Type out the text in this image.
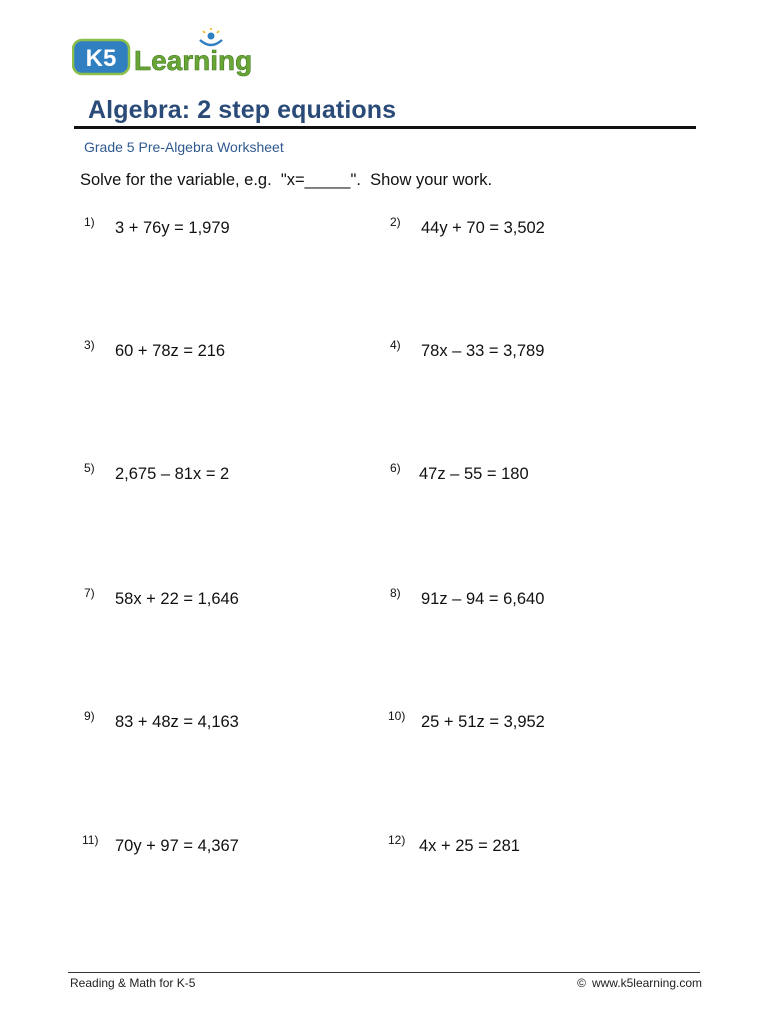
K5 Learning
Algebra: 2 step equations
Grade 5 Pre-Algebra Worksheet
Solve for the variable, e.g.  "x=_____".  Show your work.
1) 3 + 76y = 1,979
3) 60 + 78z = 216
5) 2,675 – 81x = 2
7) 58x + 22 = 1,646
9) 83 + 48z = 4,163
11) 70y + 97 = 4,367
2) 44y + 70 = 3,502
4) 78x – 33 = 3,789
6) 47z – 55 = 180
8) 91z – 94 = 6,640
10) 25 + 51z = 3,952
12) 4x + 25 = 281
Reading & Math for K-5	© www.k5learning.com
